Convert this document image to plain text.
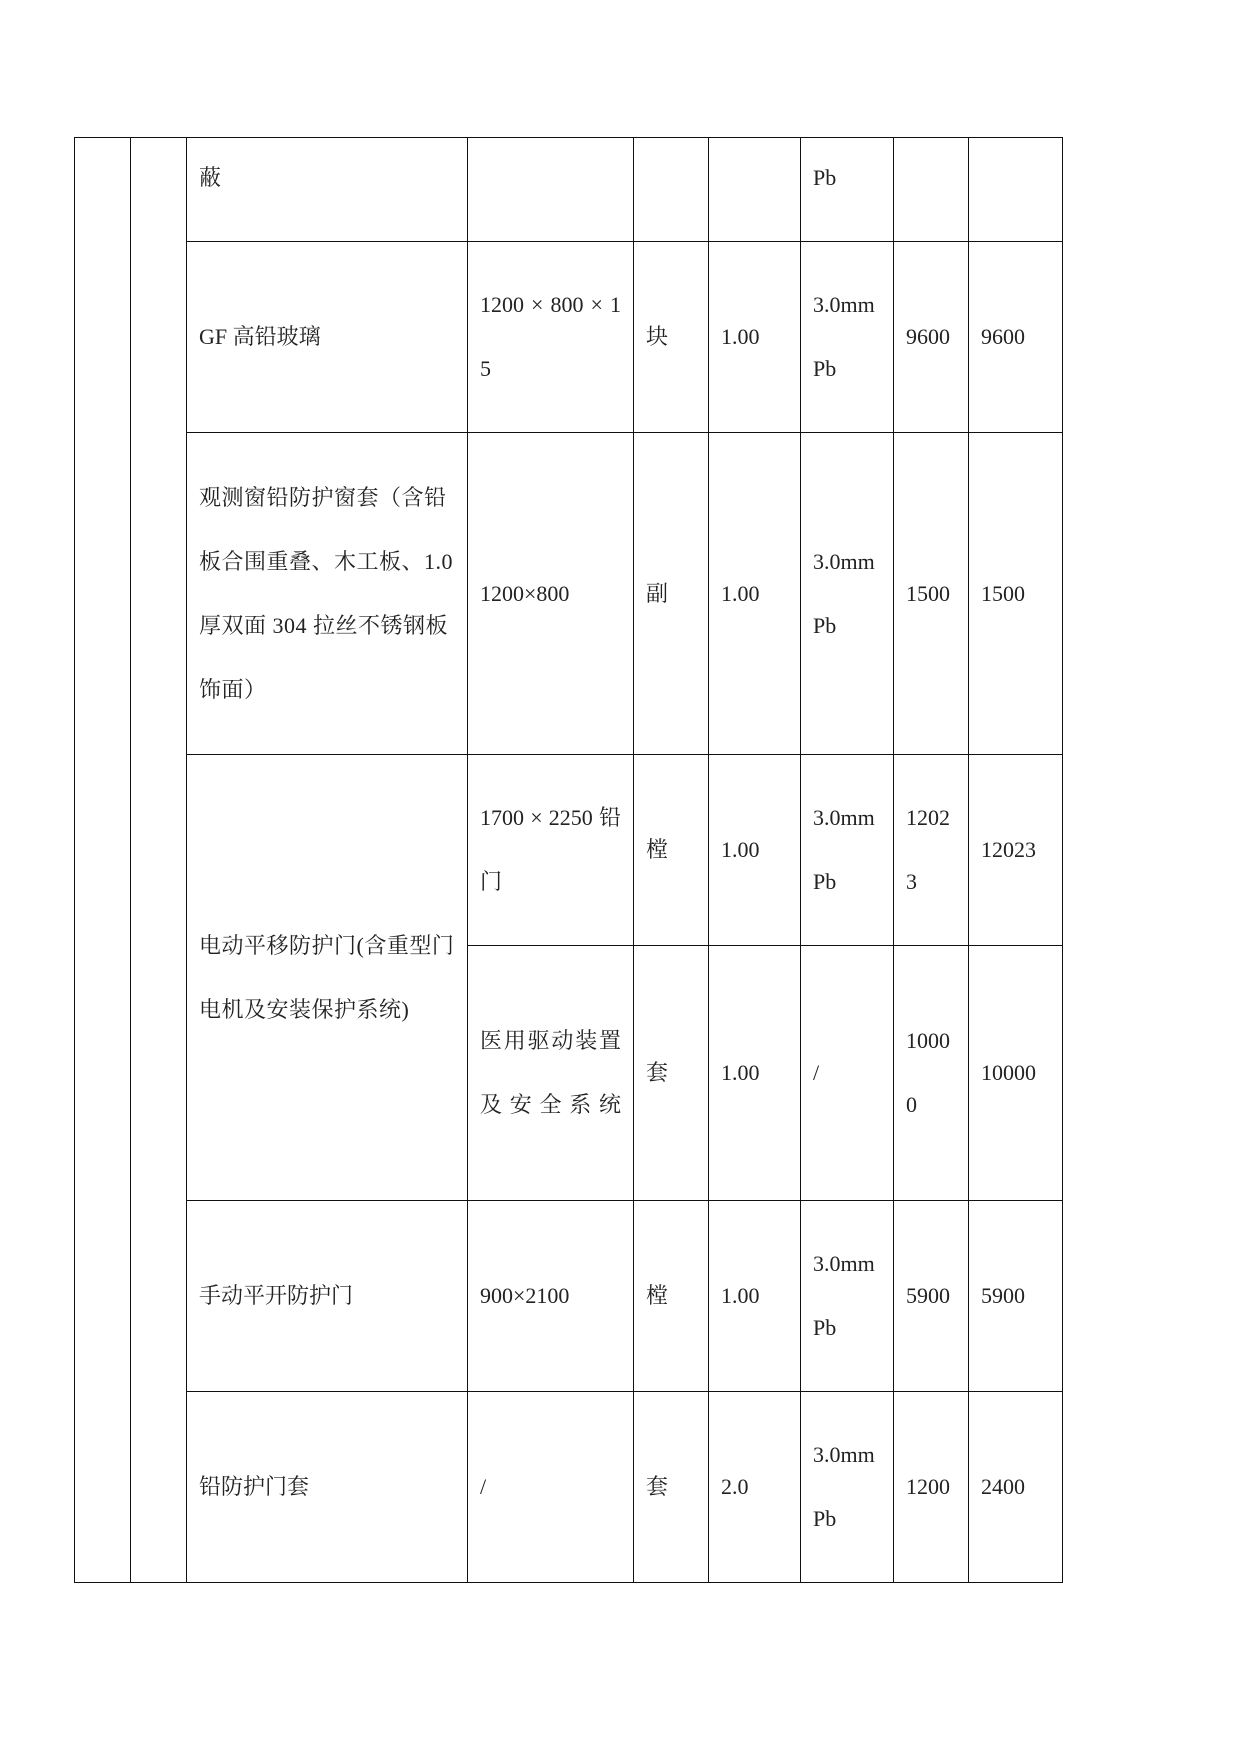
		蔽				Pb		
		GF 高铅玻璃	1200 × 800 × 15	块	1.00	3.0mm Pb	9600	9600
		观测窗铅防护窗套（含铅板合围重叠、木工板、1.0 厚双面 304 拉丝不锈钢板饰面）	1200×800	副	1.00	3.0mm Pb	1500	1500
		电动平移防护门(含重型门电机及安装保护系统)	1700 × 2250 铅门	樘	1.00	3.0mm Pb	12023	12023
			医用驱动装置及安全系统	套	1.00	/	10000	10000
		手动平开防护门	900×2100	樘	1.00	3.0mm Pb	5900	5900
		铅防护门套	/	套	2.0	3.0mm Pb	1200	2400
